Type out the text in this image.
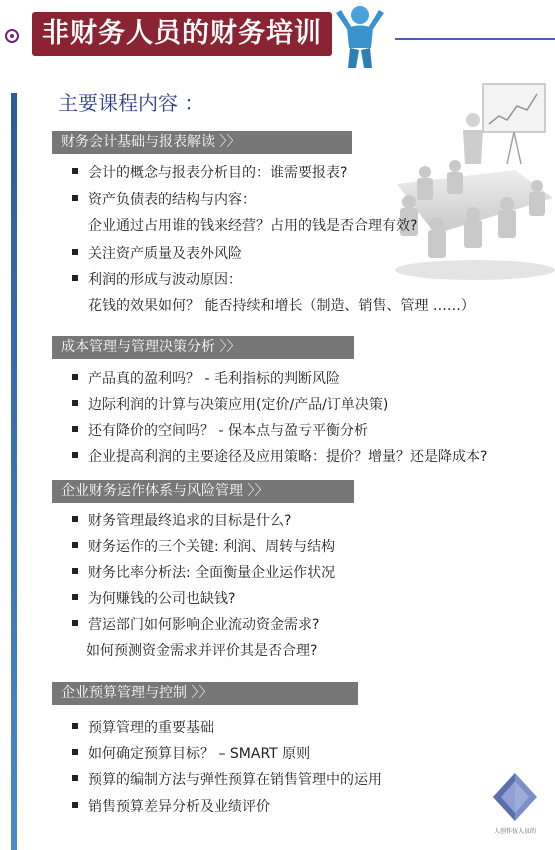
非财务人员的财务培训
主要课程内容 ：
财务会计基础与报表解读 〉〉
会计的概念与报表分析目的：谁需要报表?
资产负债表的结构与内容：
企业通过占用谁的钱来经营？占用的钱是否合理有效?
关注资产质量及表外风险
利润的形成与波动原因：
花钱的效果如何？ 能否持续和增长（制造、销售、管理 ……）
成本管理与管理决策分析 〉〉
产品真的盈利吗？ - 毛利指标的判断风险
边际利润的计算与决策应用(定价/产品/订单决策)
还有降价的空间吗？ - 保本点与盈亏平衡分析
企业提高利润的主要途径及应用策略：提价？增量？还是降成本?
企业财务运作体系与风险管理 〉〉
财务管理最终追求的目标是什么?
财务运作的三个关键: 利润、周转与结构
财务比率分析法: 全面衡量企业运作状况
为何赚钱的公司也缺钱?
营运部门如何影响企业流动资金需求?
如何预测资金需求并评价其是否合理?
企业预算管理与控制 〉〉
预算管理的重要基础
如何确定预算目标？ – SMART 原则
预算的编制方法与弹性预算在销售管理中的运用
销售预算差异分析及业绩评价
人创作伍人员的
